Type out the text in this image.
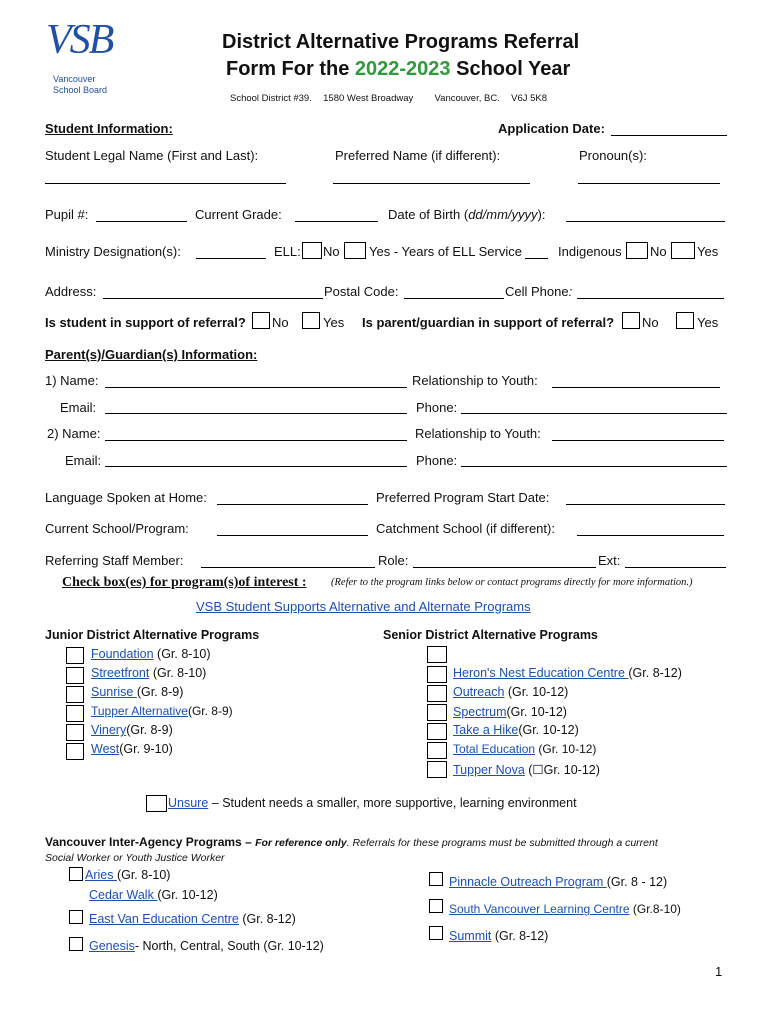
VSB
Vancouver
School Board
District Alternative Programs Referral
Form For the 2022-2023 School Year
School District #39. 1580 West Broadway Vancouver, BC. V6J 5K8
Student Information:	Application Date:
Student Legal Name (First and Last):	Preferred Name (if different):	Pronoun(s):
Pupil #:	Current Grade:	Date of Birth (dd/mm/yyyy):
Ministry Designation(s):	ELL: No Yes - Years of ELL Service	Indigenous No Yes
Address:	Postal Code:	Cell Phone:
Is student in support of referral? No	Yes Is parent/guardian in support of referral? No	Yes
Parent(s)/Guardian(s) Information:
1) Name:	Relationship to Youth:
Email:	Phone:
2) Name:	Relationship to Youth:
Email:	Phone:
Language Spoken at Home:	Preferred Program Start Date:
Current School/Program:	Catchment School (if different):
Referring Staff Member:	Role:	Ext:
Check box(es) for program(s)of interest : (Refer to the program links below or contact programs directly for more information.)
VSB Student Supports Alternative and Alternate Programs
Junior District Alternative Programs	Senior District Alternative Programs
Foundation (Gr. 8-10)
Streetfront (Gr. 8-10)
Sunrise (Gr. 8-9)
Tupper Alternative(Gr. 8-9)
Vinery(Gr. 8-9)
West(Gr. 9-10)
Heron's Nest Education Centre (Gr. 8-12)
Outreach (Gr. 10-12)
Spectrum(Gr. 10-12)
Take a Hike(Gr. 10-12)
Total Education (Gr. 10-12)
Tupper Nova (☐Gr. 10-12)
Unsure – Student needs a smaller, more supportive, learning environment
Vancouver Inter-Agency Programs – For reference only. Referrals for these programs must be submitted through a current
Social Worker or Youth Justice Worker
Aries (Gr. 8-10)
Cedar Walk (Gr. 10-12)
East Van Education Centre (Gr. 8-12)
Genesis- North, Central, South (Gr. 10-12)
Pinnacle Outreach Program (Gr. 8 - 12)
South Vancouver Learning Centre (Gr.8-10)
Summit (Gr. 8-12)
1
